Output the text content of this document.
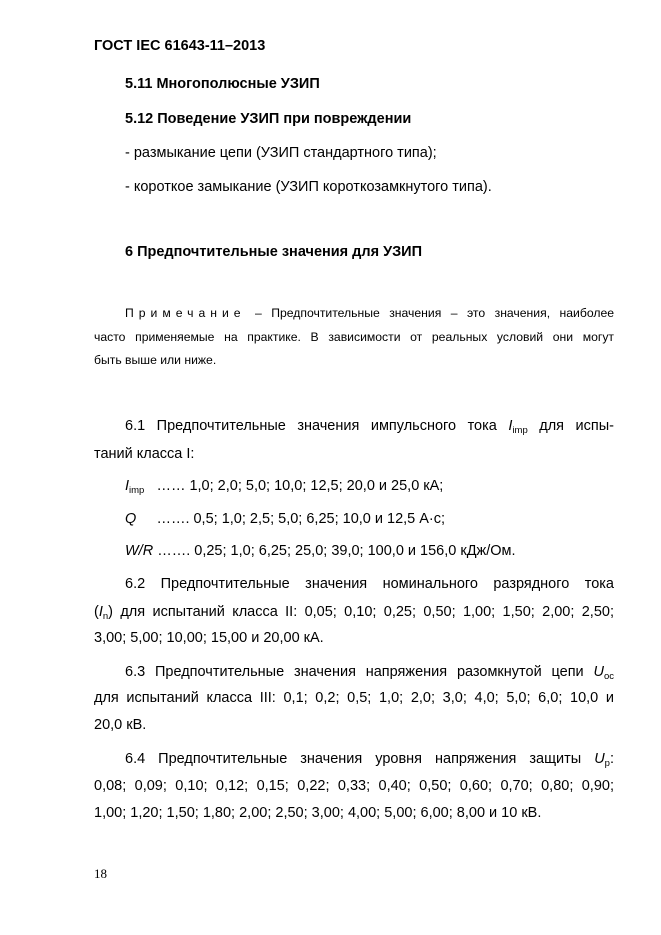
ГОСТ IEC 61643-11–2013
5.11 Многополюсные УЗИП
5.12 Поведение УЗИП при повреждении
- размыкание цепи (УЗИП стандартного типа);
- короткое замыкание (УЗИП короткозамкнутого типа).
6 Предпочтительные значения для УЗИП
Примечание – Предпочтительные значения – это значения, наиболее
часто применяемые на практике. В зависимости от реальных условий они могут
быть выше или ниже.
6.1 Предпочтительные значения импульсного тока $I_{imp}$ для испы-
таний класса I:
$I_{imp}$ …… 1,0; 2,0; 5,0; 10,0; 12,5; 20,0 и 25,0 кА;
Q ……. 0,5; 1,0; 2,5; 5,0; 6,25; 10,0 и 12,5 А·с;
W/R ……. 0,25; 1,0; 6,25; 25,0; 39,0; 100,0 и 156,0 кДж/Ом.
6.2 Предпочтительные значения номинального разрядного тока
$(I_n)$ для испытаний класса II: 0,05; 0,10; 0,25; 0,50; 1,00; 1,50; 2,00; 2,50;
3,00; 5,00; 10,00; 15,00 и 20,00 кА.
6.3 Предпочтительные значения напряжения разомкнутой цепи $U_{oc}$
для испытаний класса III: 0,1; 0,2; 0,5; 1,0; 2,0; 3,0; 4,0; 5,0; 6,0; 10,0 и
20,0 кВ.
6.4 Предпочтительные значения уровня напряжения защиты $U_p$:
0,08; 0,09; 0,10; 0,12; 0,15; 0,22; 0,33; 0,40; 0,50; 0,60; 0,70; 0,80; 0,90;
1,00; 1,20; 1,50; 1,80; 2,00; 2,50; 3,00; 4,00; 5,00; 6,00; 8,00 и 10 кВ.
18
